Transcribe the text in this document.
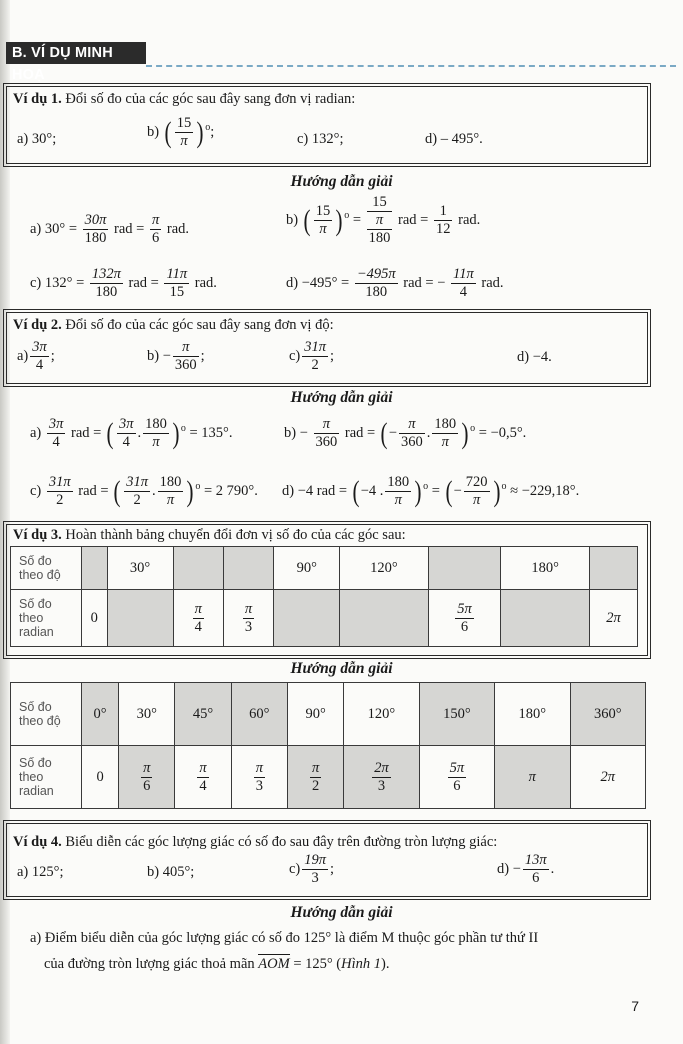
B. VÍ DỤ MINH HOẠ
Ví dụ 1. Đổi số đo của các góc sau đây sang đơn vị radian:
a) 30°;	b) ( $\frac{15}{\pi}$ ) $^o$;	c) 132°;	d) – 495°.
Hướng dẫn giải
a) $30^\circ = \frac{30\pi}{180}$ rad = $\frac{\pi}{6}$ rad.
b) ( $\frac{15}{\pi}$ ) $^o$ =
15
π
180
rad = $\frac{1}{12}$ rad.
c) $132^\circ = \frac{132\pi}{180}$ rad = $\frac{11\pi}{15}$ rad.	$d) -495^\circ = \frac{-495\pi}{180}$ rad = − $\frac{11\pi}{4}$ rad.
Ví dụ 2. Đổi số đo của các góc sau đây sang đơn vị độ:
$a) \frac{3\pi}{4}$ ;	$b) - \frac{\pi}{360}$ ;	$c) \frac{31\pi}{2}$ ;	d) −4.
Hướng dẫn giải
$a) \frac{3\pi}{4}$ rad = ( $\frac{3\pi}{4}$ . $\frac{180}{\pi}$ ) $^o$ = 135°.	$b) - \frac{\pi}{360}$ rad = ( − $\frac{\pi}{360}$ . $\frac{180}{\pi}$ ) $^o$ = −0,5°.
$c) \frac{31\pi}{2}$ rad = ( $\frac{31\pi}{2}$ . $\frac{180}{\pi}$ ) $^o$ = 2 790°. d) −4 rad = ( −4 . $\frac{180}{\pi}$ ) $^o$ = ( − $\frac{720}{\pi}$ ) $^o$ ≈ −229,18°.
Ví dụ 3. Hoàn thành bảng chuyển đổi đơn vị số đo của các góc sau:
Số đo
theo độ		30°			90°	120°		180°	
Số đo
theo
radian	0		$\frac{\pi}{4}$	$\frac{\pi}{3}$			$\frac{5\pi}{6}$		2π
Hướng dẫn giải
Số đo
theo độ	0°	30°	45°	60°	90°	120°	150°	180°	360°
Số đo
theo
radian	0	$\frac{\pi}{6}$	$\frac{\pi}{4}$	$\frac{\pi}{3}$	$\frac{\pi}{2}$	$\frac{2\pi}{3}$	$\frac{5\pi}{6}$	π	2π
Ví dụ 4. Biểu diễn các góc lượng giác có số đo sau đây trên đường tròn lượng giác:
a) 125°;	b) 405°;	$c) \frac{19\pi}{3}$ ;	$d) - \frac{13\pi}{6}$ .
Hướng dẫn giải
a) Điểm biểu diễn của góc lượng giác có số đo 125° là điểm M thuộc góc phần tư thứ II
của đường tròn lượng giác thoả mãn AOM = 125° (Hình 1).
7
